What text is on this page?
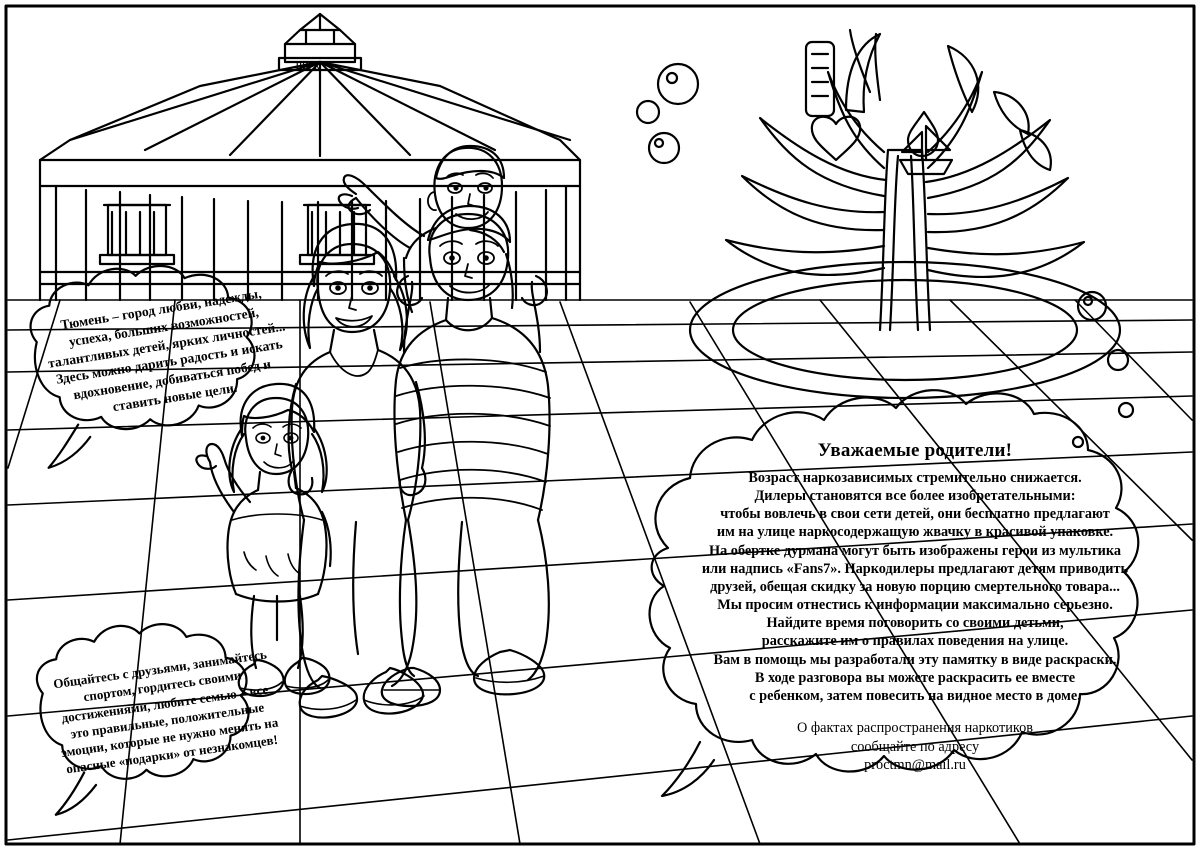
ЦИРК
Тюмень – город любви, надежды, успеха, больших возможностей, талантливых детей, ярких личностей... Здесь можно дарить радость и искать вдохновение, добиваться побед и ставить новые цели.
Общайтесь с друзьями, занимайтесь спортом, гордитесь своими достижениями, любите семью – все это правильные, положительные эмоции, которые не нужно менять на опасные «подарки» от незнакомцев!
Уважаемые родители!

Возраст наркозависимых стремительно снижается.

Дилеры становятся все более изобретательными:

чтобы вовлечь в свои сети детей, они бесплатно предлагают

им на улице наркосодержащую жвачку в красивой упаковке.

На обертке дурмана могут быть изображены герои из мультика

или надпись «Fans7». Наркодилеры предлагают детям приводить

друзей, обещая скидку за новую порцию смертельного товара...

Мы просим отнестись к информации максимально серьезно.

Найдите время поговорить со своими детьми,

расскажите им о правилах поведения на улице.

Вам в помощь мы разработали эту памятку в виде раскраски.

В ходе разговора вы можете раскрасить ее вместе

с ребенком, затем повесить на видное место в доме.

О фактах распространения наркотиков

сообщайте по адресу

proctmn@mail.ru
